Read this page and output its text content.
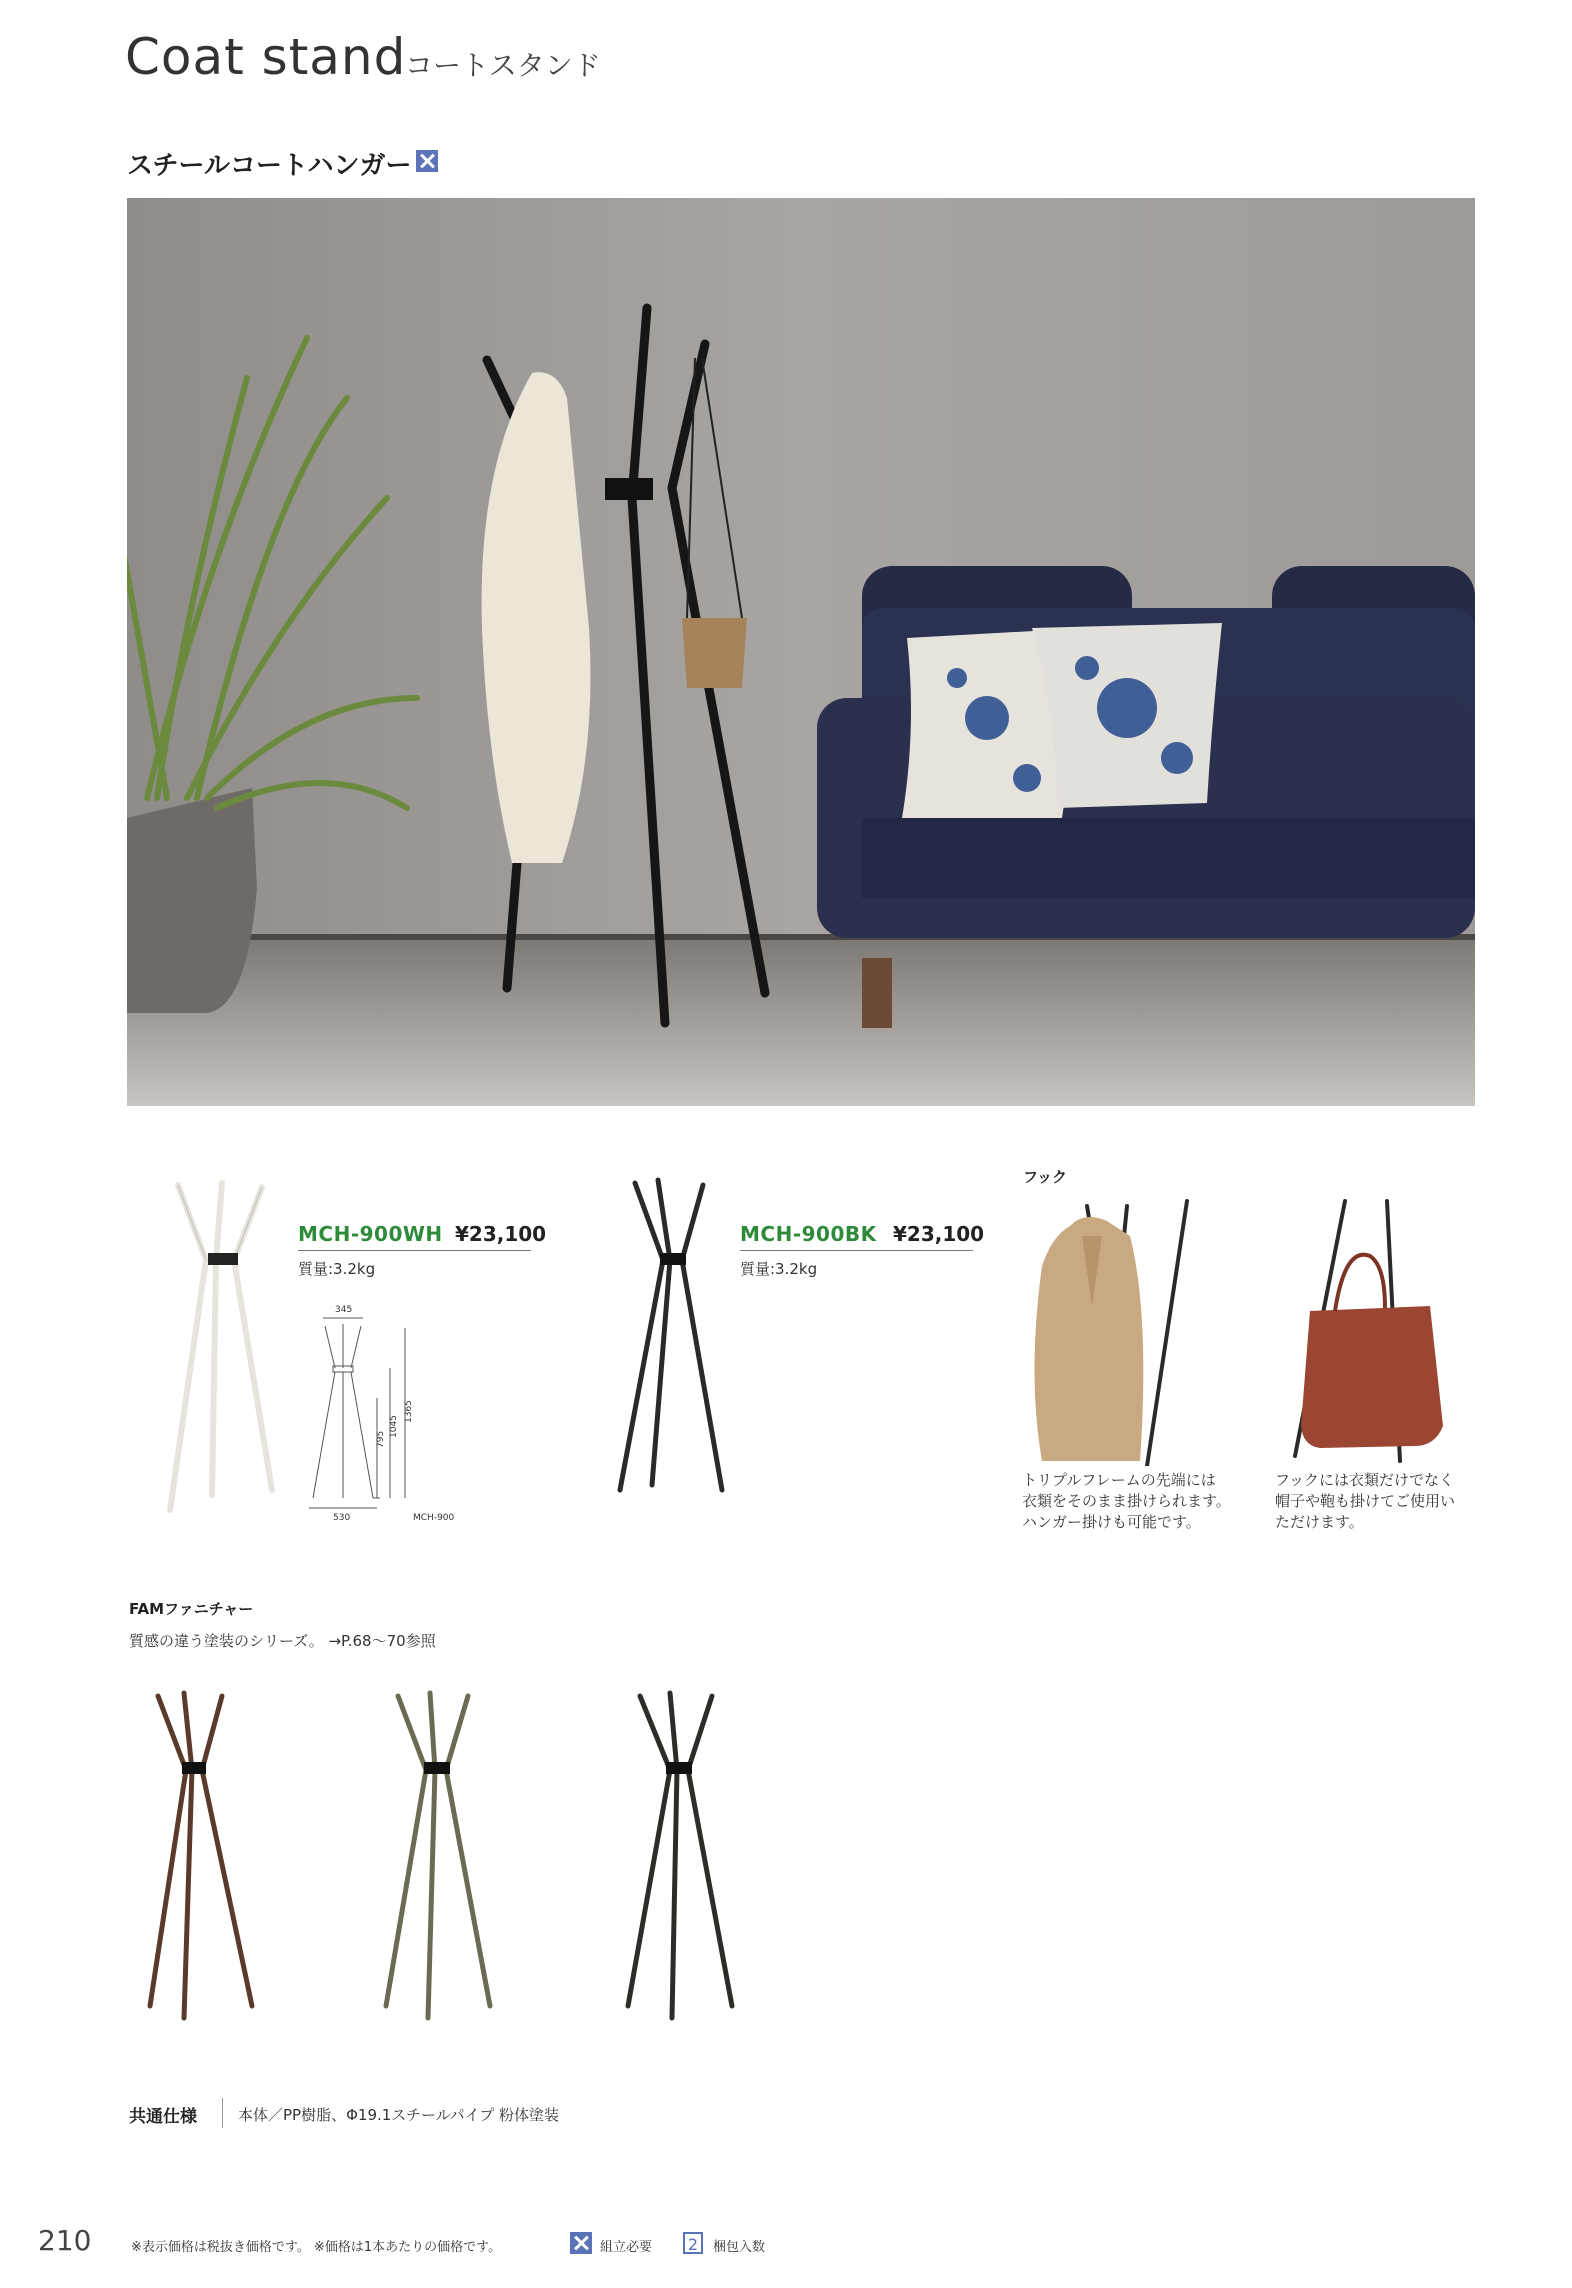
Coat stand
コートスタンド
スチールコートハンガー
MCH-900WH ¥23,100
質量:3.2kg
345
530
795
1045
1365
MCH-900
MCH-900BK ¥23,100
質量:3.2kg
フック
トリプルフレームの先端には
衣類をそのまま掛けられます。
ハンガー掛けも可能です。
フックには衣類だけでなく
帽子や鞄も掛けてご使用い
ただけます。
FAMファニチャー
質感の違う塗装のシリーズ。 →P.68〜70参照
共通仕様	本体／PP樹脂、Φ19.1スチールパイプ 粉体塗装
210	※表示価格は税抜き価格です。 ※価格は1本あたりの価格です。	組立必要	2	梱包入数
